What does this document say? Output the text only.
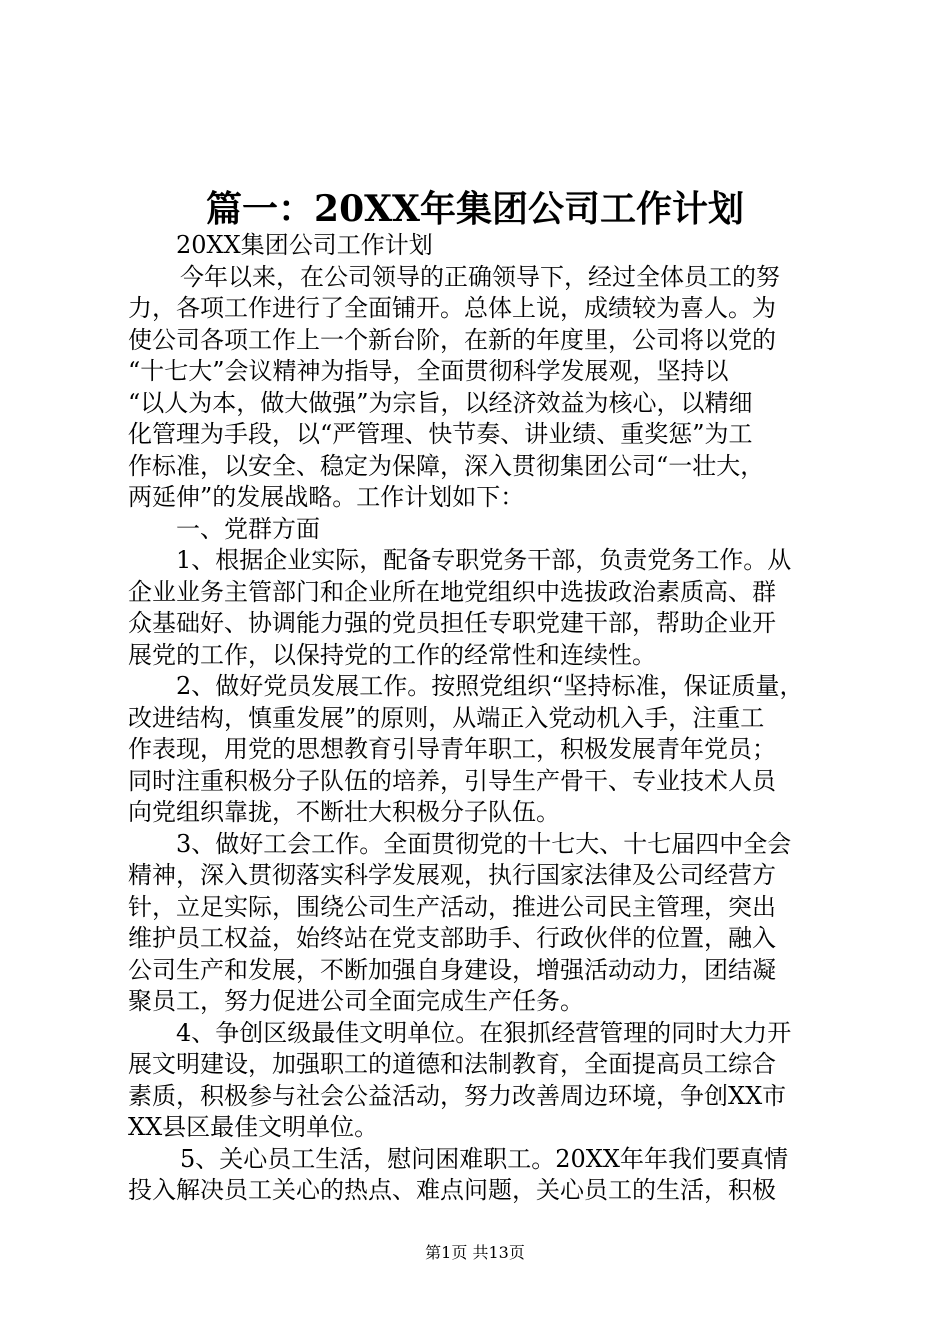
篇一：20XX年集团公司工作计划
20XX集团公司工作计划
今年以来，在公司领导的正确领导下，经过全体员工的努
力，各项工作进行了全面铺开。总体上说，成绩较为喜人。为
使公司各项工作上一个新台阶，在新的年度里，公司将以党的
“十七大”会议精神为指导，全面贯彻科学发展观，坚持以
“以人为本，做大做强”为宗旨，以经济效益为核心，以精细
化管理为手段，以“严管理、快节奏、讲业绩、重奖惩”为工
作标准，以安全、稳定为保障，深入贯彻集团公司“一壮大，
两延伸”的发展战略。工作计划如下：
一、党群方面
1、根据企业实际，配备专职党务干部，负责党务工作。从
企业业务主管部门和企业所在地党组织中选拔政治素质高、群
众基础好、协调能力强的党员担任专职党建干部，帮助企业开
展党的工作，以保持党的工作的经常性和连续性。
2、做好党员发展工作。按照党组织“坚持标准，保证质量，
改进结构，慎重发展”的原则，从端正入党动机入手，注重工
作表现，用党的思想教育引导青年职工，积极发展青年党员；
同时注重积极分子队伍的培养，引导生产骨干、专业技术人员
向党组织靠拢，不断壮大积极分子队伍。
3、做好工会工作。全面贯彻党的十七大、十七届四中全会
精神，深入贯彻落实科学发展观，执行国家法律及公司经营方
针，立足实际，围绕公司生产活动，推进公司民主管理，突出
维护员工权益，始终站在党支部助手、行政伙伴的位置，融入
公司生产和发展，不断加强自身建设，增强活动动力，团结凝
聚员工，努力促进公司全面完成生产任务。
4、争创区级最佳文明单位。在狠抓经营管理的同时大力开
展文明建设，加强职工的道德和法制教育，全面提高员工综合
素质，积极参与社会公益活动，努力改善周边环境，争创XX市
XX县区最佳文明单位。
5、关心员工生活，慰问困难职工。20XX年年我们要真情
投入解决员工关心的热点、难点问题，关心员工的生活，积极
第1页 共13页
